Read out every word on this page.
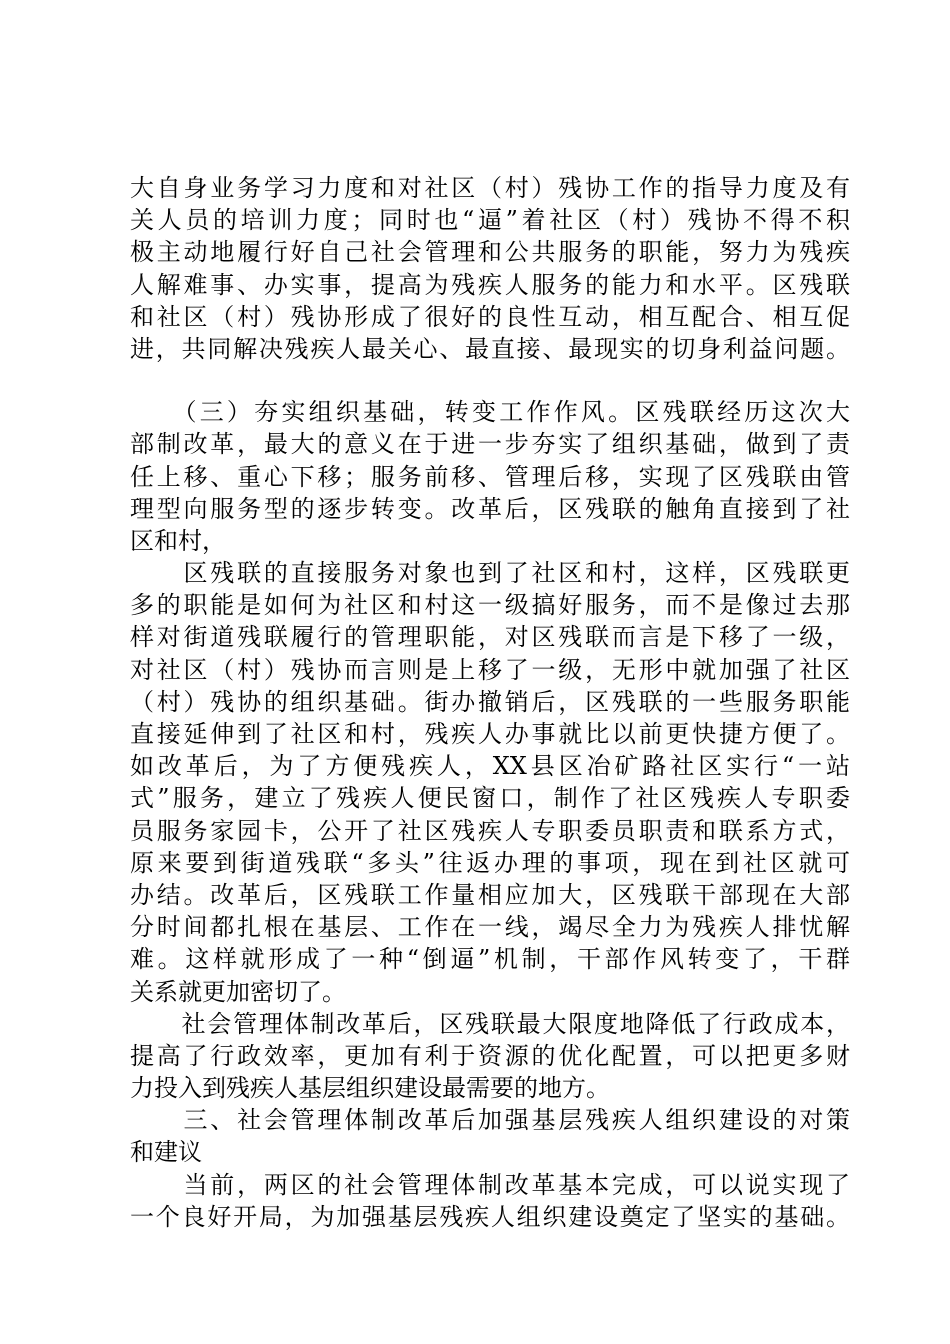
大自身业务学习力度和对社区（村）残协工作的指导力度及有
关人员的培训力度；同时也“逼”着社区（村）残协不得不积
极主动地履行好自己社会管理和公共服务的职能，努力为残疾
人解难事、办实事，提高为残疾人服务的能力和水平。区残联
和社区（村）残协形成了很好的良性互动，相互配合、相互促
进，共同解决残疾人最关心、最直接、最现实的切身利益问题。
　　（三）夯实组织基础，转变工作作风。区残联经历这次大
部制改革，最大的意义在于进一步夯实了组织基础，做到了责
任上移、重心下移；服务前移、管理后移，实现了区残联由管
理型向服务型的逐步转变。改革后，区残联的触角直接到了社
区和村，
　　区残联的直接服务对象也到了社区和村，这样，区残联更
多的职能是如何为社区和村这一级搞好服务，而不是像过去那
样对街道残联履行的管理职能，对区残联而言是下移了一级，
对社区（村）残协而言则是上移了一级，无形中就加强了社区
（村）残协的组织基础。街办撤销后，区残联的一些服务职能
直接延伸到了社区和村，残疾人办事就比以前更快捷方便了。
如改革后，为了方便残疾人，XX县区冶矿路社区实行“一站
式”服务，建立了残疾人便民窗口，制作了社区残疾人专职委
员服务家园卡，公开了社区残疾人专职委员职责和联系方式，
原来要到街道残联“多头”往返办理的事项，现在到社区就可
办结。改革后，区残联工作量相应加大，区残联干部现在大部
分时间都扎根在基层、工作在一线，竭尽全力为残疾人排忧解
难。这样就形成了一种“倒逼”机制，干部作风转变了，干群
关系就更加密切了。
　　社会管理体制改革后，区残联最大限度地降低了行政成本，
提高了行政效率，更加有利于资源的优化配置，可以把更多财
力投入到残疾人基层组织建设最需要的地方。
　　三、社会管理体制改革后加强基层残疾人组织建设的对策
和建议
　　当前，两区的社会管理体制改革基本完成，可以说实现了
一个良好开局，为加强基层残疾人组织建设奠定了坚实的基础。
